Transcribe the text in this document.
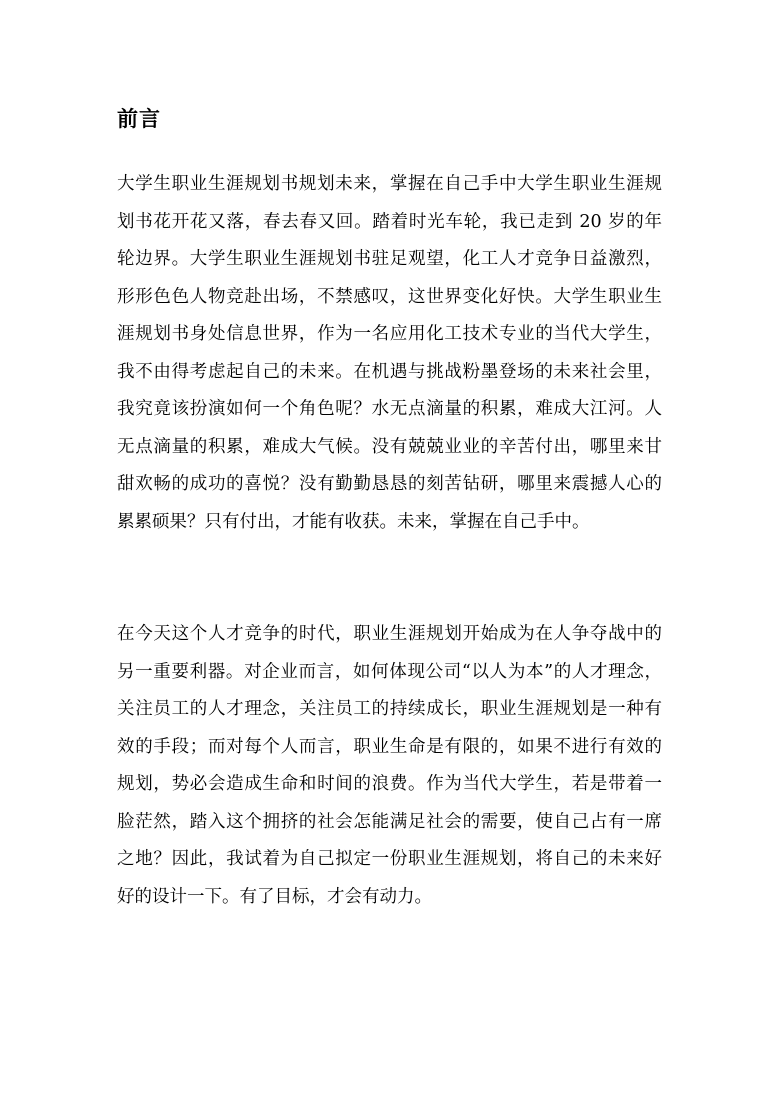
前言
大学生职业生涯规划书规划未来，掌握在自己手中大学生职业生涯规
划书花开花又落，春去春又回。踏着时光车轮，我已走到 20 岁的年
轮边界。大学生职业生涯规划书驻足观望，化工人才竞争日益激烈，
形形色色人物竞赴出场，不禁感叹，这世界变化好快。大学生职业生
涯规划书身处信息世界，作为一名应用化工技术专业的当代大学生，
我不由得考虑起自己的未来。在机遇与挑战粉墨登场的未来社会里，
我究竟该扮演如何一个角色呢？水无点滴量的积累，难成大江河。人
无点滴量的积累，难成大气候。没有兢兢业业的辛苦付出，哪里来甘
甜欢畅的成功的喜悦？没有勤勤恳恳的刻苦钻研，哪里来震撼人心的
累累硕果？只有付出，才能有收获。未来，掌握在自己手中。
在今天这个人才竞争的时代，职业生涯规划开始成为在人争夺战中的
另一重要利器。对企业而言，如何体现公司“以人为本”的人才理念，
关注员工的人才理念，关注员工的持续成长，职业生涯规划是一种有
效的手段；而对每个人而言，职业生命是有限的，如果不进行有效的
规划，势必会造成生命和时间的浪费。作为当代大学生，若是带着一
脸茫然，踏入这个拥挤的社会怎能满足社会的需要，使自己占有一席
之地？因此，我试着为自己拟定一份职业生涯规划，将自己的未来好
好的设计一下。有了目标，才会有动力。
